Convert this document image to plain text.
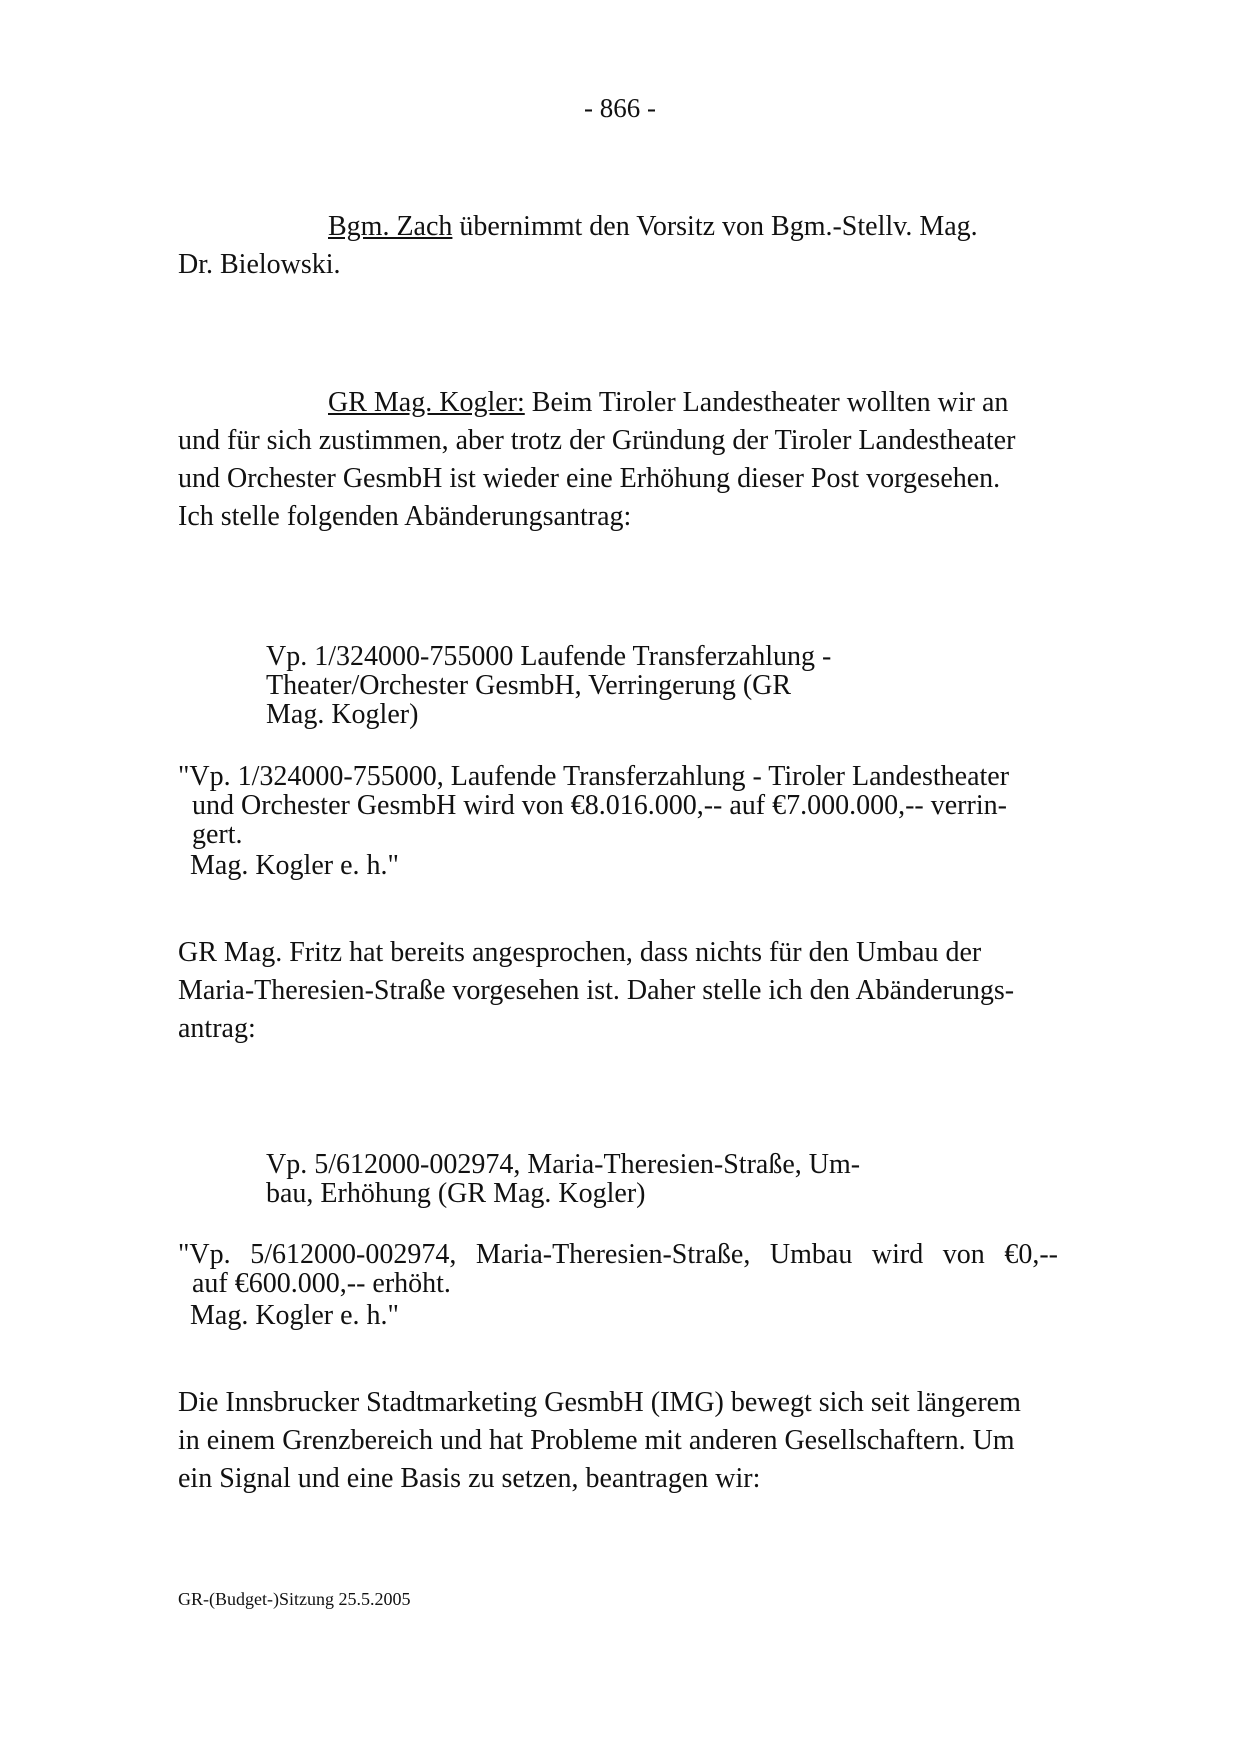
- 866 -
Bgm. Zach übernimmt den Vorsitz von Bgm.-Stellv. Mag.
Dr. Bielowski.
GR Mag. Kogler: Beim Tiroler Landestheater wollten wir an
und für sich zustimmen, aber trotz der Gründung der Tiroler Landestheater
und Orchester GesmbH ist wieder eine Erhöhung dieser Post vorgesehen.
Ich stelle folgenden Abänderungsantrag:
Vp. 1/324000-755000 Laufende Transferzahlung -
Theater/Orchester GesmbH, Verringerung (GR
Mag. Kogler)
"Vp. 1/324000-755000, Laufende Transferzahlung - Tiroler Landestheater
und Orchester GesmbH wird von €8.016.000,-- auf €7.000.000,-- verrin-
gert.
Mag. Kogler e. h."
GR Mag. Fritz hat bereits angesprochen, dass nichts für den Umbau der
Maria-Theresien-Straße vorgesehen ist. Daher stelle ich den Abänderungs-
antrag:
Vp. 5/612000-002974, Maria-Theresien-Straße, Um-
bau, Erhöhung (GR Mag. Kogler)
"Vp. 5/612000-002974, Maria-Theresien-Straße, Umbau wird von €0,--
auf €600.000,-- erhöht.
Mag. Kogler e. h."
Die Innsbrucker Stadtmarketing GesmbH (IMG) bewegt sich seit längerem
in einem Grenzbereich und hat Probleme mit anderen Gesellschaftern. Um
ein Signal und eine Basis zu setzen, beantragen wir:
GR-(Budget-)Sitzung 25.5.2005
